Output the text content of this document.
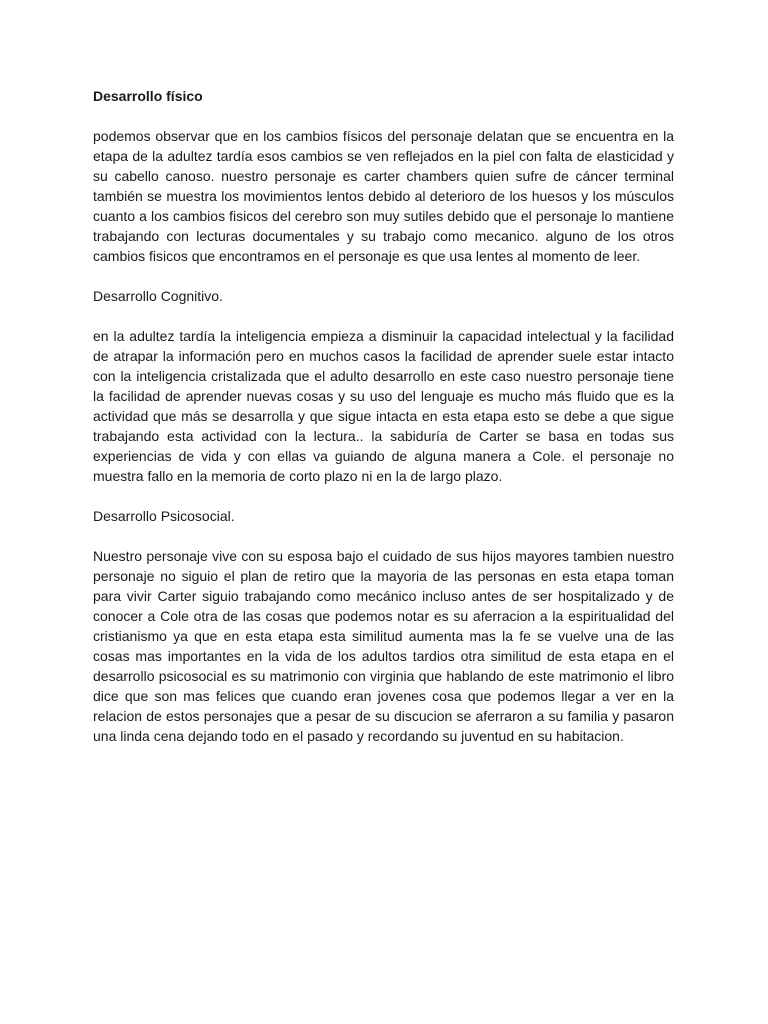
Desarrollo físico

podemos observar que en los cambios físicos del personaje delatan que se encuentra en la etapa de la adultez tardía esos cambios se ven reflejados en la piel con falta de elasticidad y su cabello canoso. nuestro personaje es carter chambers quien sufre de cáncer terminal también se muestra los movimientos lentos debido al deterioro de los huesos y los músculos cuanto a los cambios fisicos del cerebro son muy sutiles debido que el personaje lo mantiene trabajando con lecturas documentales y su trabajo como mecanico. alguno de los otros cambios fisicos que encontramos en el personaje es que usa lentes al momento de leer.

Desarrollo Cognitivo.

en la adultez tardía la inteligencia empieza a disminuir la capacidad intelectual y la facilidad de atrapar la información pero en muchos casos la facilidad de aprender suele estar intacto con la inteligencia cristalizada que el adulto desarrollo en este caso nuestro personaje tiene la facilidad de aprender nuevas cosas y su uso del lenguaje es mucho más fluido que es la actividad que más se desarrolla y que sigue intacta en esta etapa esto se debe a que sigue trabajando esta actividad con la lectura.. la sabiduría de Carter se basa en todas sus experiencias de vida y con ellas va guiando de alguna manera a Cole. el personaje no muestra fallo en la memoria de corto plazo ni en la de largo plazo.

Desarrollo Psicosocial.

Nuestro personaje vive con su esposa bajo el cuidado de sus hijos mayores tambien nuestro personaje no siguio el plan de retiro que la mayoria de las personas en esta etapa toman para vivir Carter siguio trabajando como mecánico incluso antes de ser hospitalizado y de conocer a Cole otra de las cosas que podemos notar es su aferracion a la espiritualidad del cristianismo ya que en esta etapa esta similitud aumenta mas la fe se vuelve una de las cosas mas importantes en la vida de los adultos tardios otra similitud de esta etapa en el desarrollo psicosocial es su matrimonio con virginia que hablando de este matrimonio el libro dice que son mas felices que cuando eran jovenes cosa que podemos llegar a ver en la relacion de estos personajes que a pesar de su discucion se aferraron a su familia y pasaron una linda cena dejando todo en el pasado y recordando su juventud en su habitacion.
